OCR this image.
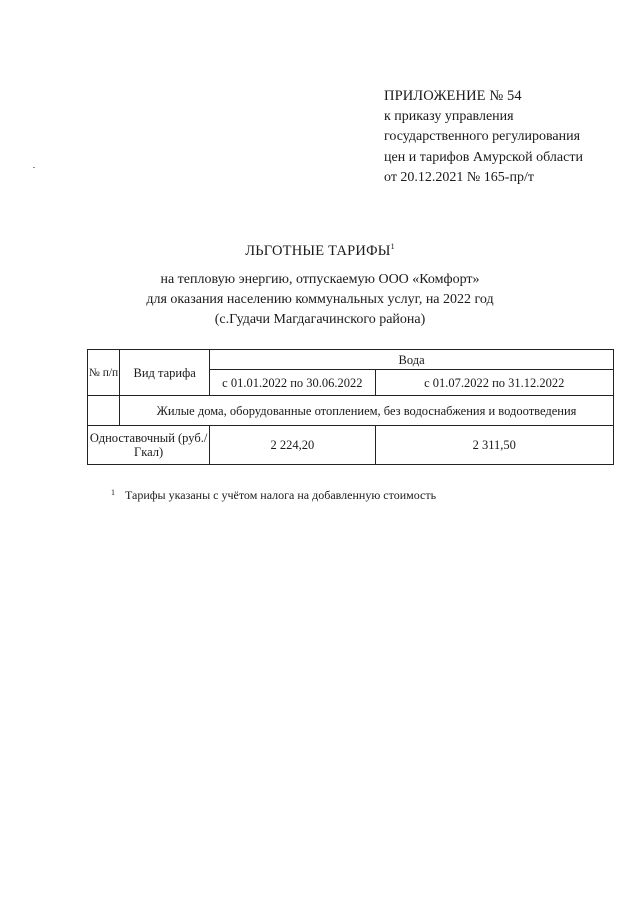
ПРИЛОЖЕНИЕ № 54
к приказу управления
государственного регулирования
цен и тарифов Амурской области
от 20.12.2021 № 165-пр/т
ЛЬГОТНЫЕ ТАРИФЫ$^1$
на тепловую энергию, отпускаемую ООО «Комфорт»
для оказания населению коммунальных услуг, на 2022 год
(с.Гудачи Магдагачинского района)
№ п/п	Вид тарифа	Вода	
		с 01.01.2022 по 30.06.2022	с 01.07.2022 по 31.12.2022
	Жилые дома, оборудованные отоплением, без водоснабжения и водоотведения		
Одноставочный (руб./Гкал)		2 224,20	2 311,50
$^1$ Тарифы указаны с учётом налога на добавленную стоимость
